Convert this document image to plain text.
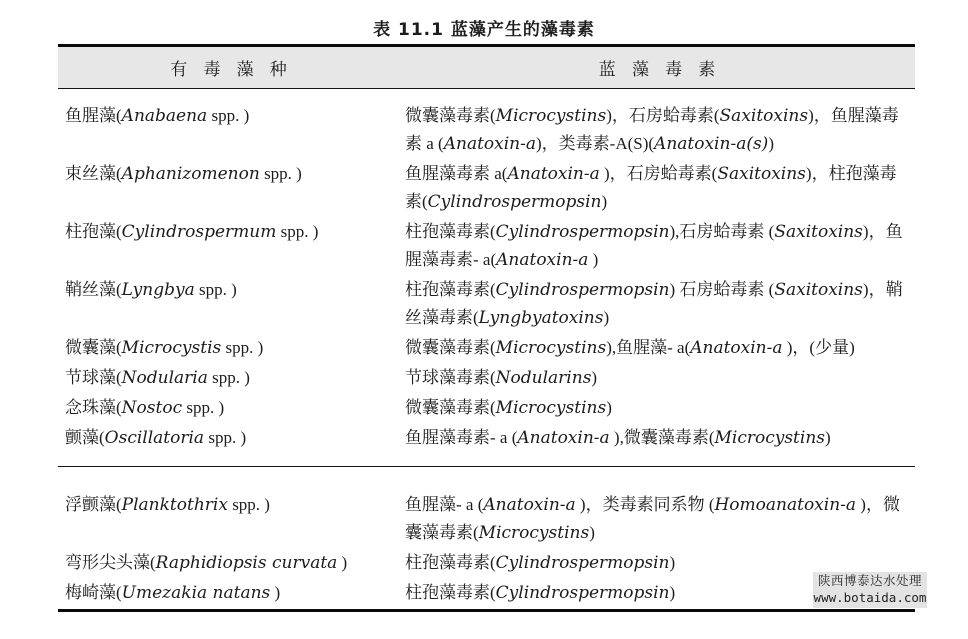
陕西博泰达水处理
www.botaida.com
表 11.1 蓝藻产生的藻毒素
有 毒 藻 种	蓝 藻 毒 素
鱼腥藻(Anabaena spp. )	微囊藻毒素(Microcystins)，石房蛤毒素(Saxitoxins)，鱼腥藻毒素 a (Anatoxin-a)，类毒素-A(S)(Anatoxin-a(s))
束丝藻(Aphanizomenon spp. )	鱼腥藻毒素 a(Anatoxin-a )，石房蛤毒素(Saxitoxins)，柱孢藻毒素(Cylindrospermopsin)
柱孢藻(Cylindrospermum spp. )	柱孢藻毒素(Cylindrospermopsin),石房蛤毒素 (Saxitoxins)，鱼腥藻毒素- a(Anatoxin-a )
鞘丝藻(Lyngbya spp. )	柱孢藻毒素(Cylindrospermopsin) 石房蛤毒素 (Saxitoxins)，鞘丝藻毒素(Lyngbyatoxins)
微囊藻(Microcystis spp. )	微囊藻毒素(Microcystins),鱼腥藻- a(Anatoxin-a )，(少量)
节球藻(Nodularia spp. )	节球藻毒素(Nodularins)
念珠藻(Nostoc spp. )	微囊藻毒素(Microcystins)
颤藻(Oscillatoria spp. )	鱼腥藻毒素- a (Anatoxin-a ),微囊藻毒素(Microcystins)
浮颤藻(Planktothrix spp. )	鱼腥藻- a (Anatoxin-a )，类毒素同系物 (Homoanatoxin-a )，微囊藻毒素(Microcystins)
弯形尖头藻(Raphidiopsis curvata )	柱孢藻毒素(Cylindrospermopsin)
梅崎藻(Umezakia natans )	柱孢藻毒素(Cylindrospermopsin)
